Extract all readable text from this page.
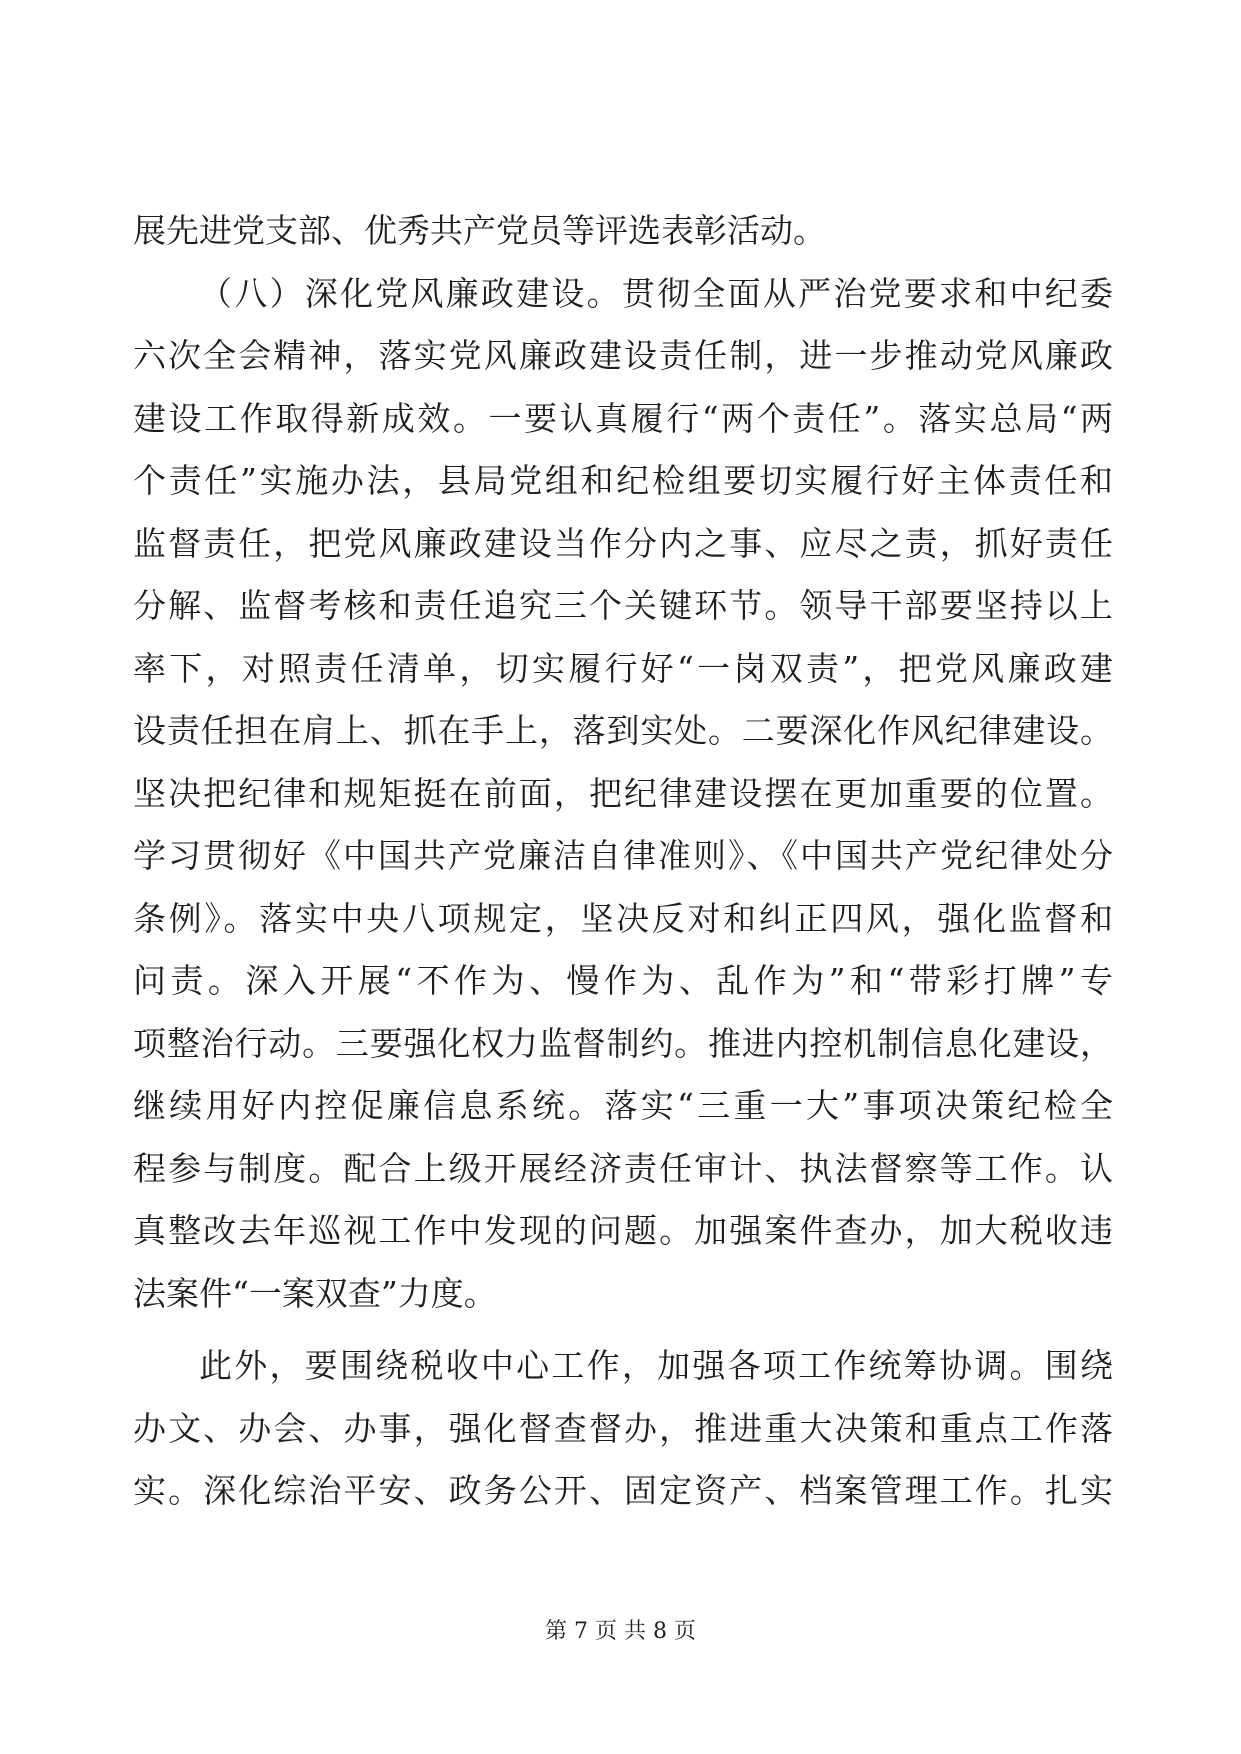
展先进党支部、优秀共产党员等评选表彰活动。
（八）深化党风廉政建设。贯彻全面从严治党要求和中纪委
六次全会精神，落实党风廉政建设责任制，进一步推动党风廉政
建设工作取得新成效。一要认真履行“两个责任”。落实总局“两
个责任”实施办法，县局党组和纪检组要切实履行好主体责任和
监督责任，把党风廉政建设当作分内之事、应尽之责，抓好责任
分解、监督考核和责任追究三个关键环节。领导干部要坚持以上
率下，对照责任清单，切实履行好“一岗双责”，把党风廉政建
设责任担在肩上、抓在手上，落到实处。二要深化作风纪律建设。
坚决把纪律和规矩挺在前面，把纪律建设摆在更加重要的位置。
学习贯彻好《中国共产党廉洁自律准则》、《中国共产党纪律处分
条例》。落实中央八项规定，坚决反对和纠正四风，强化监督和
问责。深入开展“不作为、慢作为、乱作为”和“带彩打牌”专
项整治行动。三要强化权力监督制约。推进内控机制信息化建设，
继续用好内控促廉信息系统。落实“三重一大”事项决策纪检全
程参与制度。配合上级开展经济责任审计、执法督察等工作。认
真整改去年巡视工作中发现的问题。加强案件查办，加大税收违
法案件“一案双查”力度。
此外，要围绕税收中心工作，加强各项工作统筹协调。围绕
办文、办会、办事，强化督查督办，推进重大决策和重点工作落
实。深化综治平安、政务公开、固定资产、档案管理工作。扎实
第 7 页 共 8 页
